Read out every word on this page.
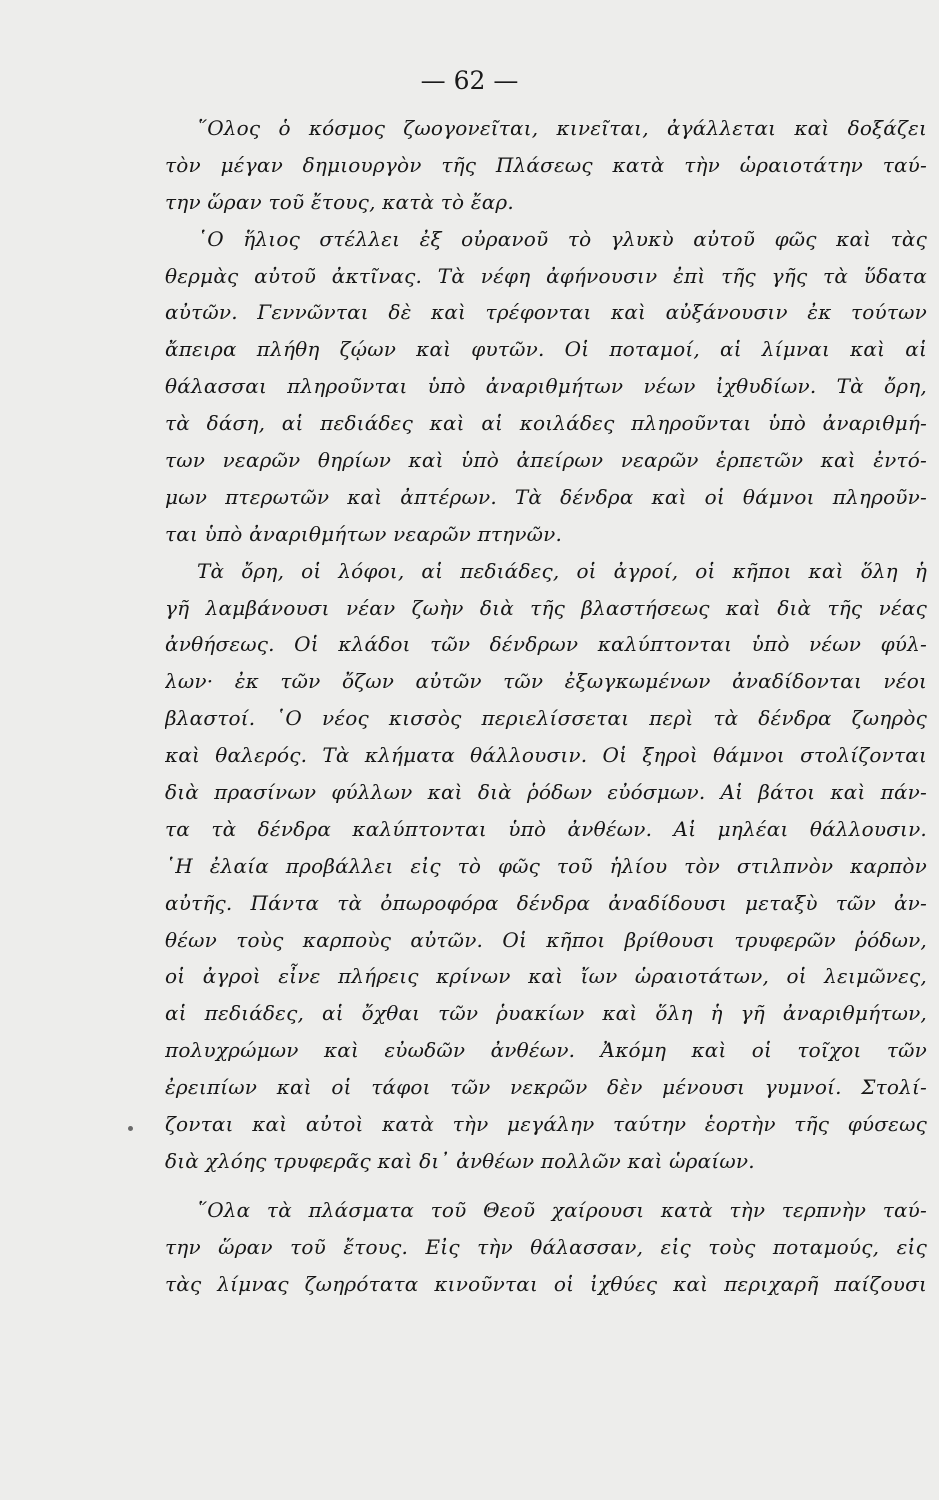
— 62 —

῞Ολος ὁ κόσμος ζωογονεῖται, κινεῖται, ἀγάλλεται καὶ δοξάζει
τὸν μέγαν δημιουργὸν τῆς Πλάσεως κατὰ τὴν ὡραιοτάτην ταύ-
την ὥραν τοῦ ἔτους, κατὰ τὸ ἔαρ.

῾Ο ἥλιος στέλλει ἐξ οὐρανοῦ τὸ γλυκὺ αὐτοῦ φῶς καὶ τὰς
θερμὰς αὐτοῦ ἀκτῖνας. Τὰ νέφη ἀφήνουσιν ἐπὶ τῆς γῆς τὰ ὕδατα
αὐτῶν. Γεννῶνται δὲ καὶ τρέφονται καὶ αὐξάνουσιν ἐκ τούτων
ἄπειρα πλήθη ζῴων καὶ φυτῶν. Οἱ ποταμοί, αἱ λίμναι καὶ αἱ
θάλασσαι πληροῦνται ὑπὸ ἀναριθμήτων νέων ἰχθυδίων. Τὰ ὄρη,
τὰ δάση, αἱ πεδιάδες καὶ αἱ κοιλάδες πληροῦνται ὑπὸ ἀναριθμή-
των νεαρῶν θηρίων καὶ ὑπὸ ἀπείρων νεαρῶν ἑρπετῶν καὶ ἐντό-
μων πτερωτῶν καὶ ἀπτέρων. Τὰ δένδρα καὶ οἱ θάμνοι πληροῦν-
ται ὑπὸ ἀναριθμήτων νεαρῶν πτηνῶν.

Τὰ ὄρη, οἱ λόφοι, αἱ πεδιάδες, οἱ ἀγροί, οἱ κῆποι καὶ ὅλη ἡ
γῆ λαμβάνουσι νέαν ζωὴν διὰ τῆς βλαστήσεως καὶ διὰ τῆς νέας
ἀνθήσεως. Οἱ κλάδοι τῶν δένδρων καλύπτονται ὑπὸ νέων φύλ-
λων· ἐκ τῶν ὄζων αὐτῶν τῶν ἐξωγκωμένων ἀναδίδονται νέοι
βλαστοί. ῾Ο νέος κισσὸς περιελίσσεται περὶ τὰ δένδρα ζωηρὸς
καὶ θαλερός. Τὰ κλήματα θάλλουσιν. Οἱ ξηροὶ θάμνοι στολίζονται
διὰ πρασίνων φύλλων καὶ διὰ ῥόδων εὐόσμων. Αἱ βάτοι καὶ πάν-
τα τὰ δένδρα καλύπτονται ὑπὸ ἀνθέων. Αἱ μηλέαι θάλλουσιν.
῾Η ἐλαία προβάλλει εἰς τὸ φῶς τοῦ ἡλίου τὸν στιλπνὸν καρπὸν
αὐτῆς. Πάντα τὰ ὀπωροφόρα δένδρα ἀναδίδουσι μεταξὺ τῶν ἀν-
θέων τοὺς καρποὺς αὐτῶν. Οἱ κῆποι βρίθουσι τρυφερῶν ῥόδων,
οἱ ἀγροὶ εἶνε πλήρεις κρίνων καὶ ἴων ὡραιοτάτων, οἱ λειμῶνες,
αἱ πεδιάδες, αἱ ὄχθαι τῶν ῥυακίων καὶ ὅλη ἡ γῆ ἀναριθμήτων,
πολυχρώμων καὶ εὐωδῶν ἀνθέων. Ἀκόμη καὶ οἱ τοῖχοι τῶν
ἐρειπίων καὶ οἱ τάφοι τῶν νεκρῶν δὲν μένουσι γυμνοί. Στολί-
ζονται καὶ αὐτοὶ κατὰ τὴν μεγάλην ταύτην ἑορτὴν τῆς φύσεως
διὰ χλόης τρυφερᾶς καὶ δι᾿ ἀνθέων πολλῶν καὶ ὡραίων.

῞Ολα τὰ πλάσματα τοῦ Θεοῦ χαίρουσι κατὰ τὴν τερπνὴν ταύ-
την ὥραν τοῦ ἔτους. Εἰς τὴν θάλασσαν, εἰς τοὺς ποταμούς, εἰς
τὰς λίμνας ζωηρότατα κινοῦνται οἱ ἰχθύες καὶ περιχαρῆ παίζουσι
